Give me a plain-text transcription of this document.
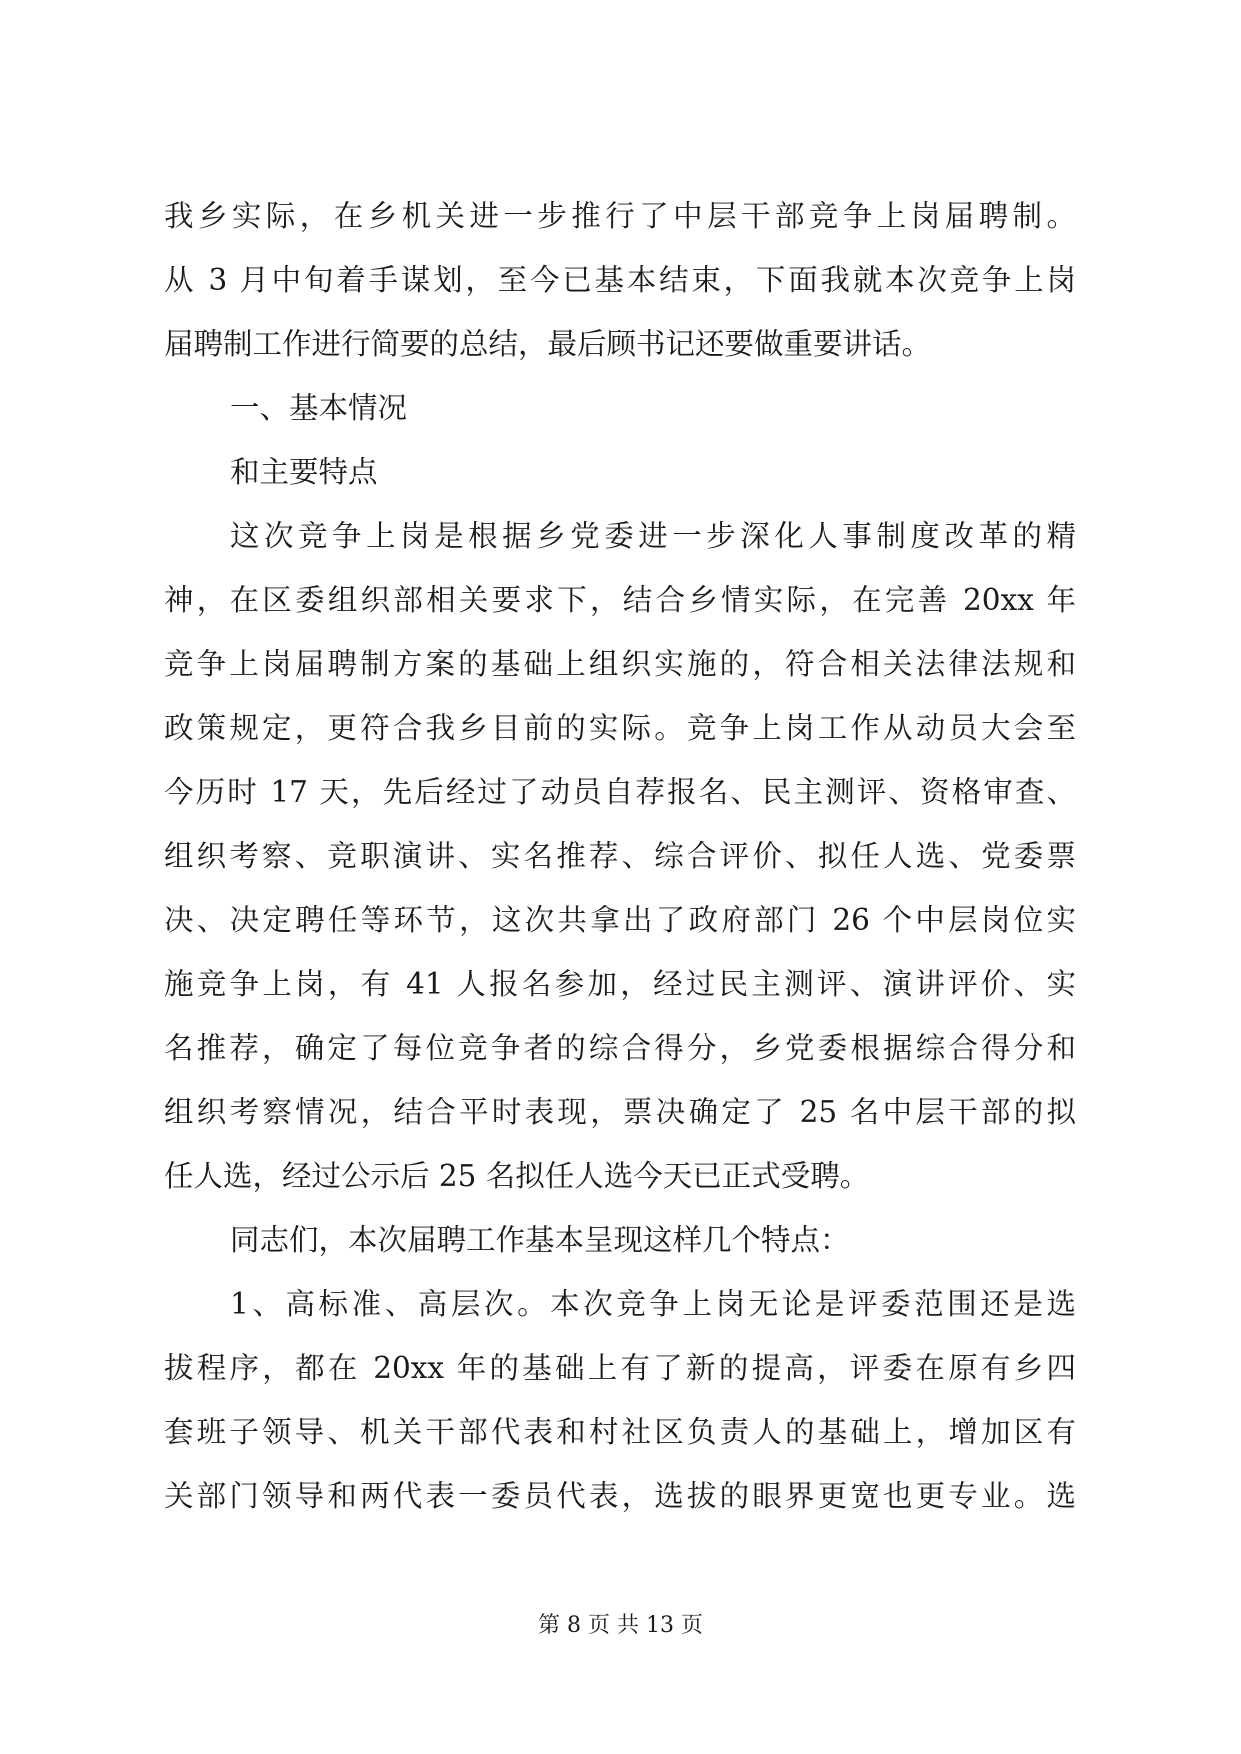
我乡实际，在乡机关进一步推行了中层干部竞争上岗届聘制。
从 3 月中旬着手谋划，至今已基本结束，下面我就本次竞争上岗
届聘制工作进行简要的总结，最后顾书记还要做重要讲话。
一、基本情况
和主要特点
这次竞争上岗是根据乡党委进一步深化人事制度改革的精
神，在区委组织部相关要求下，结合乡情实际，在完善 20xx 年
竞争上岗届聘制方案的基础上组织实施的，符合相关法律法规和
政策规定，更符合我乡目前的实际。竞争上岗工作从动员大会至
今历时 17 天，先后经过了动员自荐报名、民主测评、资格审查、
组织考察、竞职演讲、实名推荐、综合评价、拟任人选、党委票
决、决定聘任等环节，这次共拿出了政府部门 26 个中层岗位实
施竞争上岗，有 41 人报名参加，经过民主测评、演讲评价、实
名推荐，确定了每位竞争者的综合得分，乡党委根据综合得分和
组织考察情况，结合平时表现，票决确定了 25 名中层干部的拟
任人选，经过公示后 25 名拟任人选今天已正式受聘。
同志们，本次届聘工作基本呈现这样几个特点：
1、高标准、高层次。本次竞争上岗无论是评委范围还是选
拔程序，都在 20xx 年的基础上有了新的提高，评委在原有乡四
套班子领导、机关干部代表和村社区负责人的基础上，增加区有
关部门领导和两代表一委员代表，选拔的眼界更宽也更专业。选
第 8 页 共 13 页
